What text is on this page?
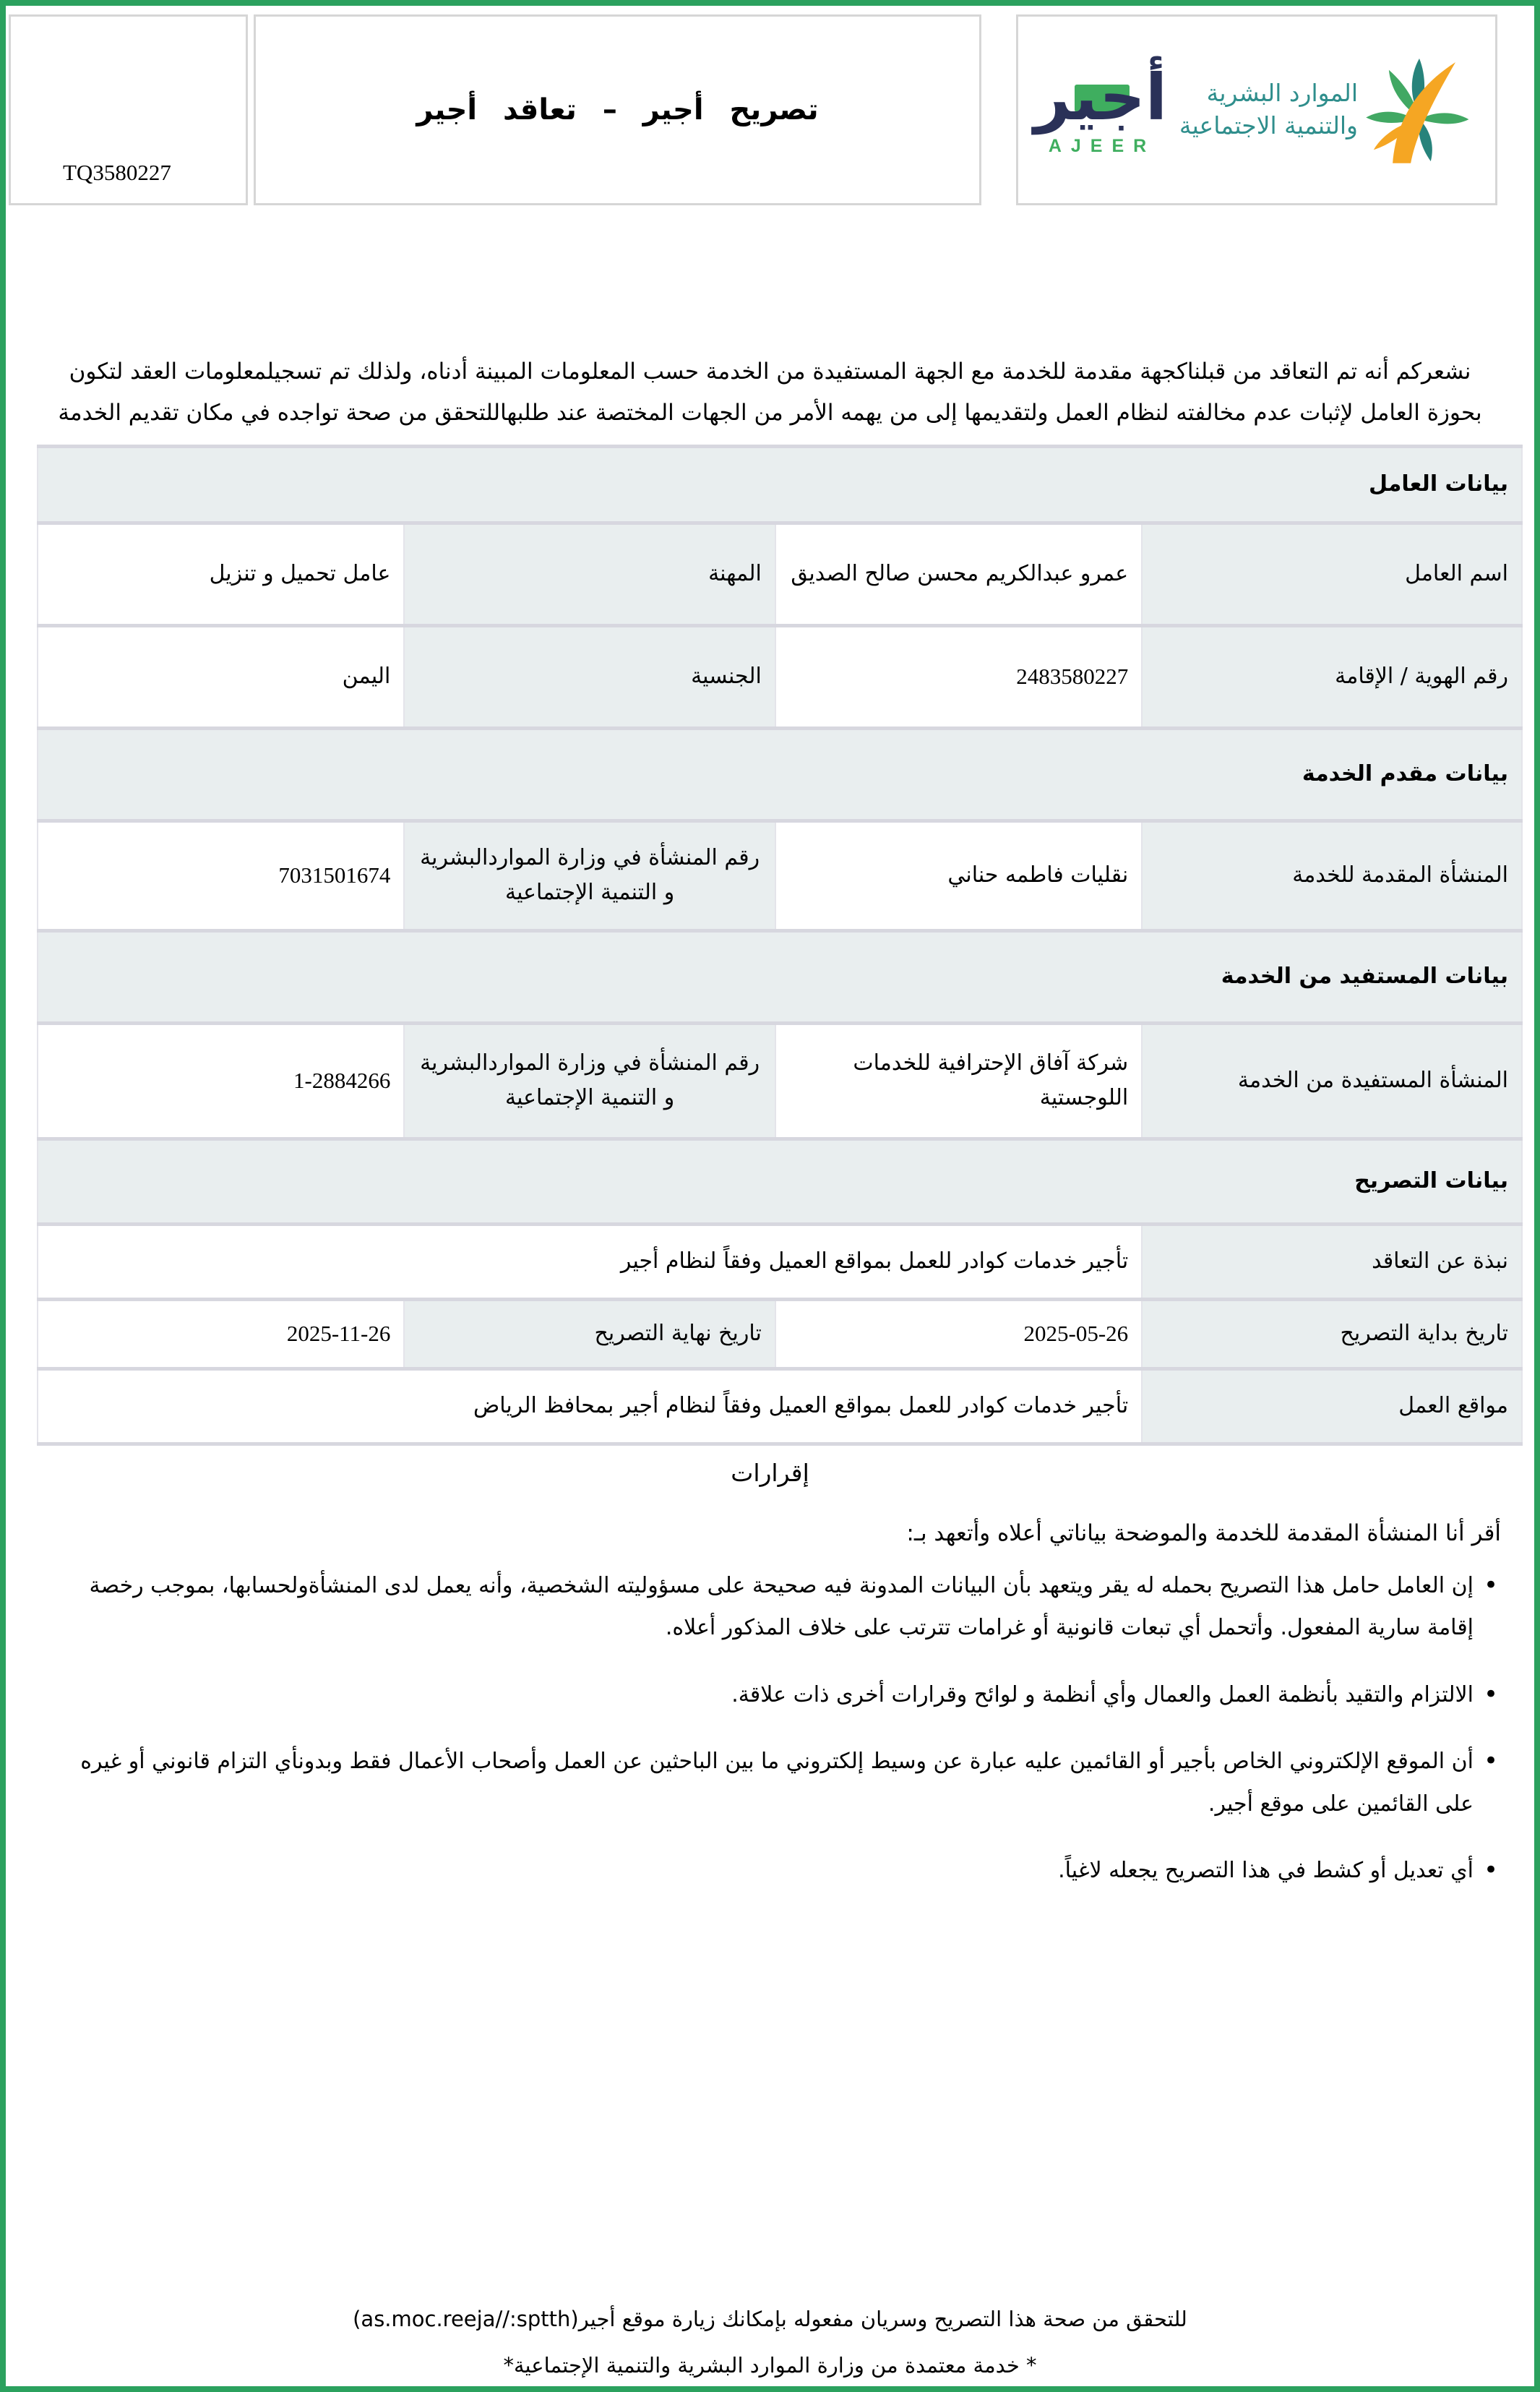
TQ3580227
تصريح أجير – تعاقد أجير	أجير
AJEER
الموارد البشرية
والتنمية الاجتماعية
نشعركم أنه تم التعاقد من قبلناكجهة مقدمة للخدمة مع الجهة المستفيدة من الخدمة حسب المعلومات المبينة أدناه، ولذلك تم تسجيلمعلومات العقد لتكون بحوزة العامل لإثبات عدم مخالفته لنظام العمل ولتقديمها إلى من يهمه الأمر من الجهات المختصة عند طلبهاللتحقق من صحة تواجده في مكان تقديم الخدمة
بيانات العامل			
اسم العامل	عمرو عبدالكريم محسن صالح الصديق	المهنة	عامل تحميل و تنزيل
رقم الهوية / الإقامة	2483580227	الجنسية	اليمن
بيانات مقدم الخدمة			
المنشأة المقدمة للخدمة	نقليات فاطمه حناني	رقم المنشأة في وزارة المواردالبشرية و التنمية الإجتماعية	7031501674
بيانات المستفيد من الخدمة			
المنشأة المستفيدة من الخدمة	شركة آفاق الإحترافية للخدمات اللوجستية	رقم المنشأة في وزارة المواردالبشرية و التنمية الإجتماعية	1-2884266
بيانات التصريح			
نبذة عن التعاقد	تأجير خدمات كوادر للعمل بمواقع العميل وفقاً لنظام أجير		
تاريخ بداية التصريح	2025-05-26	تاريخ نهاية التصريح	2025-11-26
مواقع العمل	تأجير خدمات كوادر للعمل بمواقع العميل وفقاً لنظام أجير بمحافظ الرياض		
إقرارات
أقر أنا المنشأة المقدمة للخدمة والموضحة بياناتي أعلاه وأتعهد بـ:
• إن العامل حامل هذا التصريح بحمله له يقر ويتعهد بأن البيانات المدونة فيه صحيحة على مسؤوليته الشخصية، وأنه يعمل لدى المنشأةولحسابها، بموجب رخصة إقامة سارية المفعول. وأتحمل أي تبعات قانونية أو غرامات تترتب على خلاف المذكور أعلاه.
• الالتزام والتقيد بأنظمة العمل والعمال وأي أنظمة و لوائح وقرارات أخرى ذات علاقة.
• أن الموقع الإلكتروني الخاص بأجير أو القائمين عليه عبارة عن وسيط إلكتروني ما بين الباحثين عن العمل وأصحاب الأعمال فقط وبدونأي التزام قانوني أو غيره على القائمين على موقع أجير.
• أي تعديل أو كشط في هذا التصريح يجعله لاغياً.
للتحقق من صحة هذا التصريح وسريان مفعوله بإمكانك زيارة موقع أجير(as.moc.reeja//:sptth)
* خدمة معتمدة من وزارة الموارد البشرية والتنمية الإجتماعية*
